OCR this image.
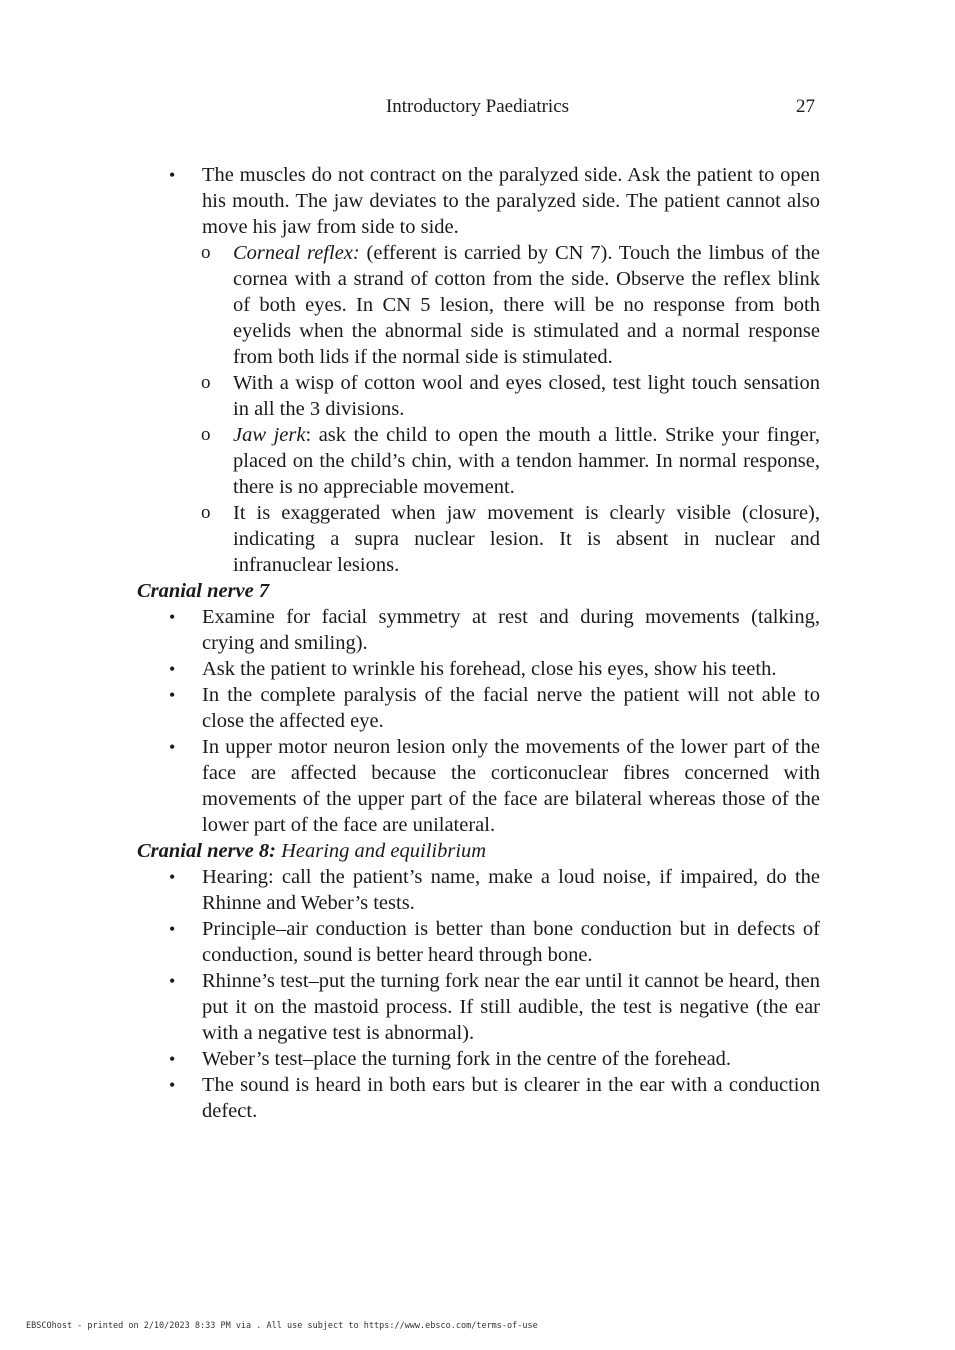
Introductory Paediatrics	27
• The muscles do not contract on the paralyzed side. Ask the patient to open his mouth. The jaw deviates to the paralyzed side. The patient cannot also move his jaw from side to side.
o Corneal reflex: (efferent is carried by CN 7). Touch the limbus of the cornea with a strand of cotton from the side. Observe the reflex blink of both eyes. In CN 5 lesion, there will be no response from both eyelids when the abnormal side is stimulated and a normal response from both lids if the normal side is stimulated.
o With a wisp of cotton wool and eyes closed, test light touch sensation in all the 3 divisions.
o Jaw jerk: ask the child to open the mouth a little. Strike your finger, placed on the child’s chin, with a tendon hammer. In normal response, there is no appreciable movement.
o It is exaggerated when jaw movement is clearly visible (closure), indicating a supra nuclear lesion. It is absent in nuclear and infranuclear lesions.
Cranial nerve 7
• Examine for facial symmetry at rest and during movements (talking, crying and smiling).
• Ask the patient to wrinkle his forehead, close his eyes, show his teeth.
• In the complete paralysis of the facial nerve the patient will not able to close the affected eye.
• In upper motor neuron lesion only the movements of the lower part of the face are affected because the corticonuclear fibres concerned with movements of the upper part of the face are bilateral whereas those of the lower part of the face are unilateral.
Cranial nerve 8: Hearing and equilibrium
• Hearing: call the patient’s name, make a loud noise, if impaired, do the Rhinne and Weber’s tests.
• Principle–air conduction is better than bone conduction but in defects of conduction, sound is better heard through bone.
• Rhinne’s test–put the turning fork near the ear until it cannot be heard, then put it on the mastoid process. If still audible, the test is negative (the ear with a negative test is abnormal).
• Weber’s test–place the turning fork in the centre of the forehead.
• The sound is heard in both ears but is clearer in the ear with a conduction defect.
EBSCOhost - printed on 2/10/2023 8:33 PM via . All use subject to https://www.ebsco.com/terms-of-use
